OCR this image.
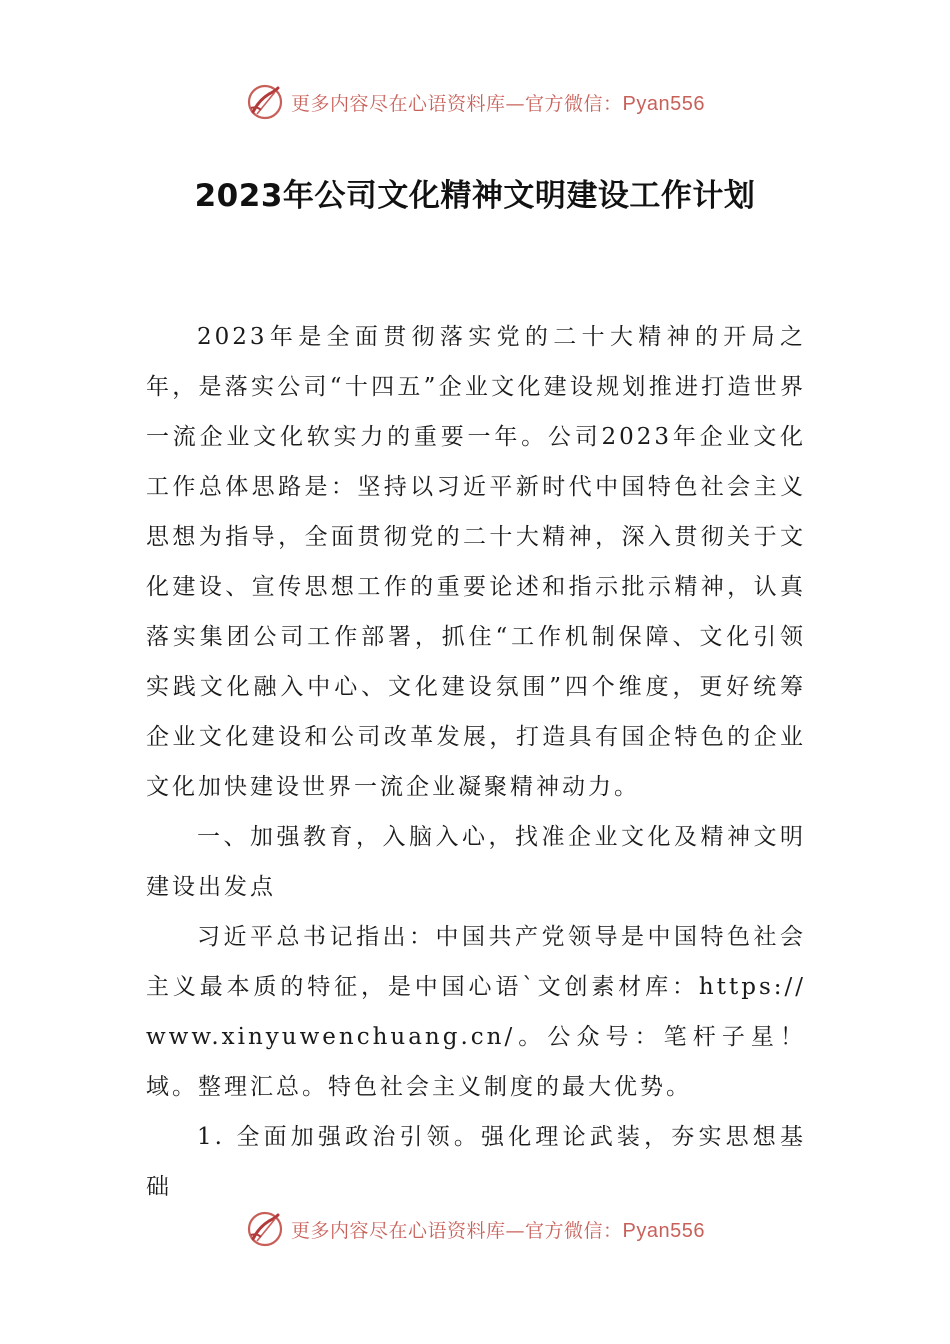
更多内容尽在心语资料库—官方微信：Pyan556
2023年公司文化精神文明建设工作计划

2023年是全面贯彻落实党的二十大精神的开局之年，是落实公司“十四五”企业文化建设规划推进打造世界一流企业文化软实力的重要一年。公司2023年企业文化工作总体思路是：坚持以习近平新时代中国特色社会主义思想为指导，全面贯彻党的二十大精神，深入贯彻关于文化建设、宣传思想工作的重要论述和指示批示精神，认真落实集团公司工作部署，抓住“工作机制保障、文化引领实践文化融入中心、文化建设氛围”四个维度，更好统筹企业文化建设和公司改革发展，打造具有国企特色的企业文化加快建设世界一流企业凝聚精神动力。

一、加强教育，入脑入心，找准企业文化及精神文明建设出发点

习近平总书记指出：中国共产党领导是中国特色社会主义最本质的特征，是中国心语`文创素材库：https://www.xinyuwenchuang.cn/。公众号：笔杆子星！域。整理汇总。特色社会主义制度的最大优势。

1. 全面加强政治引领。强化理论武装，夯实思想基础

更多内容尽在心语资料库—官方微信：Pyan556
